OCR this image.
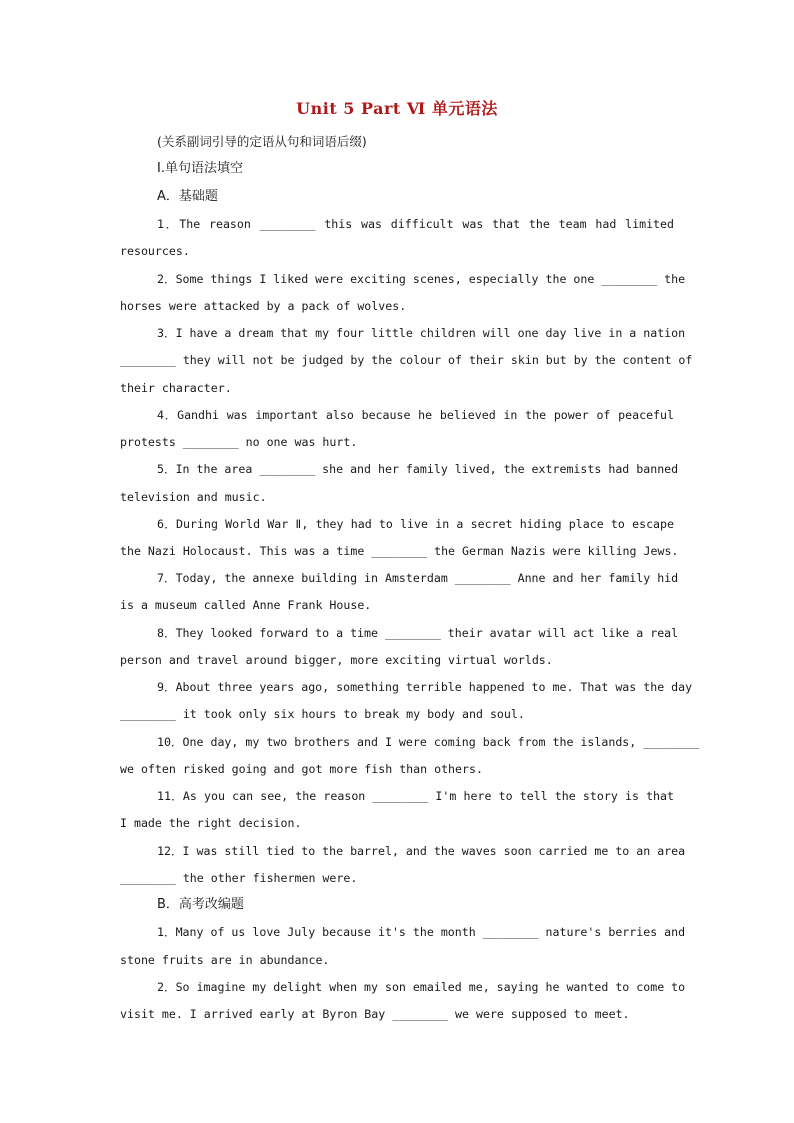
Unit 5 Part Ⅵ 单元语法
(关系副词引导的定语从句和词语后缀)
Ⅰ.单句语法填空
A．基础题
1．The reason ________ this was difficult was that the team had limited
resources.
2．Some things I liked were exciting scenes, especially the one ________ the
horses were attacked by a pack of wolves.
3．I have a dream that my four little children will one day live in a nation
________ they will not be judged by the colour of their skin but by the content of
their character.
4．Gandhi was important also because he believed in the power of peaceful
protests ________ no one was hurt.
5．In the area ________ she and her family lived, the extremists had banned
television and music.
6．During World War Ⅱ, they had to live in a secret hiding place to escape
the Nazi Holocaust. This was a time ________ the German Nazis were killing Jews.
7．Today, the annexe building in Amsterdam ________ Anne and her family hid
is a museum called Anne Frank House.
8．They looked forward to a time ________ their avatar will act like a real
person and travel around bigger, more exciting virtual worlds.
9．About three years ago, something terrible happened to me. That was the day
________ it took only six hours to break my body and soul.
10．One day, my two brothers and I were coming back from the islands, ________
we often risked going and got more fish than others.
11．As you can see, the reason ________ I'm here to tell the story is that
I made the right decision.
12．I was still tied to the barrel, and the waves soon carried me to an area
________ the other fishermen were.
B．高考改编题
1．Many of us love July because it's the month ________ nature's berries and
stone fruits are in abundance.
2．So imagine my delight when my son emailed me, saying he wanted to come to
visit me. I arrived early at Byron Bay ________ we were supposed to meet.
